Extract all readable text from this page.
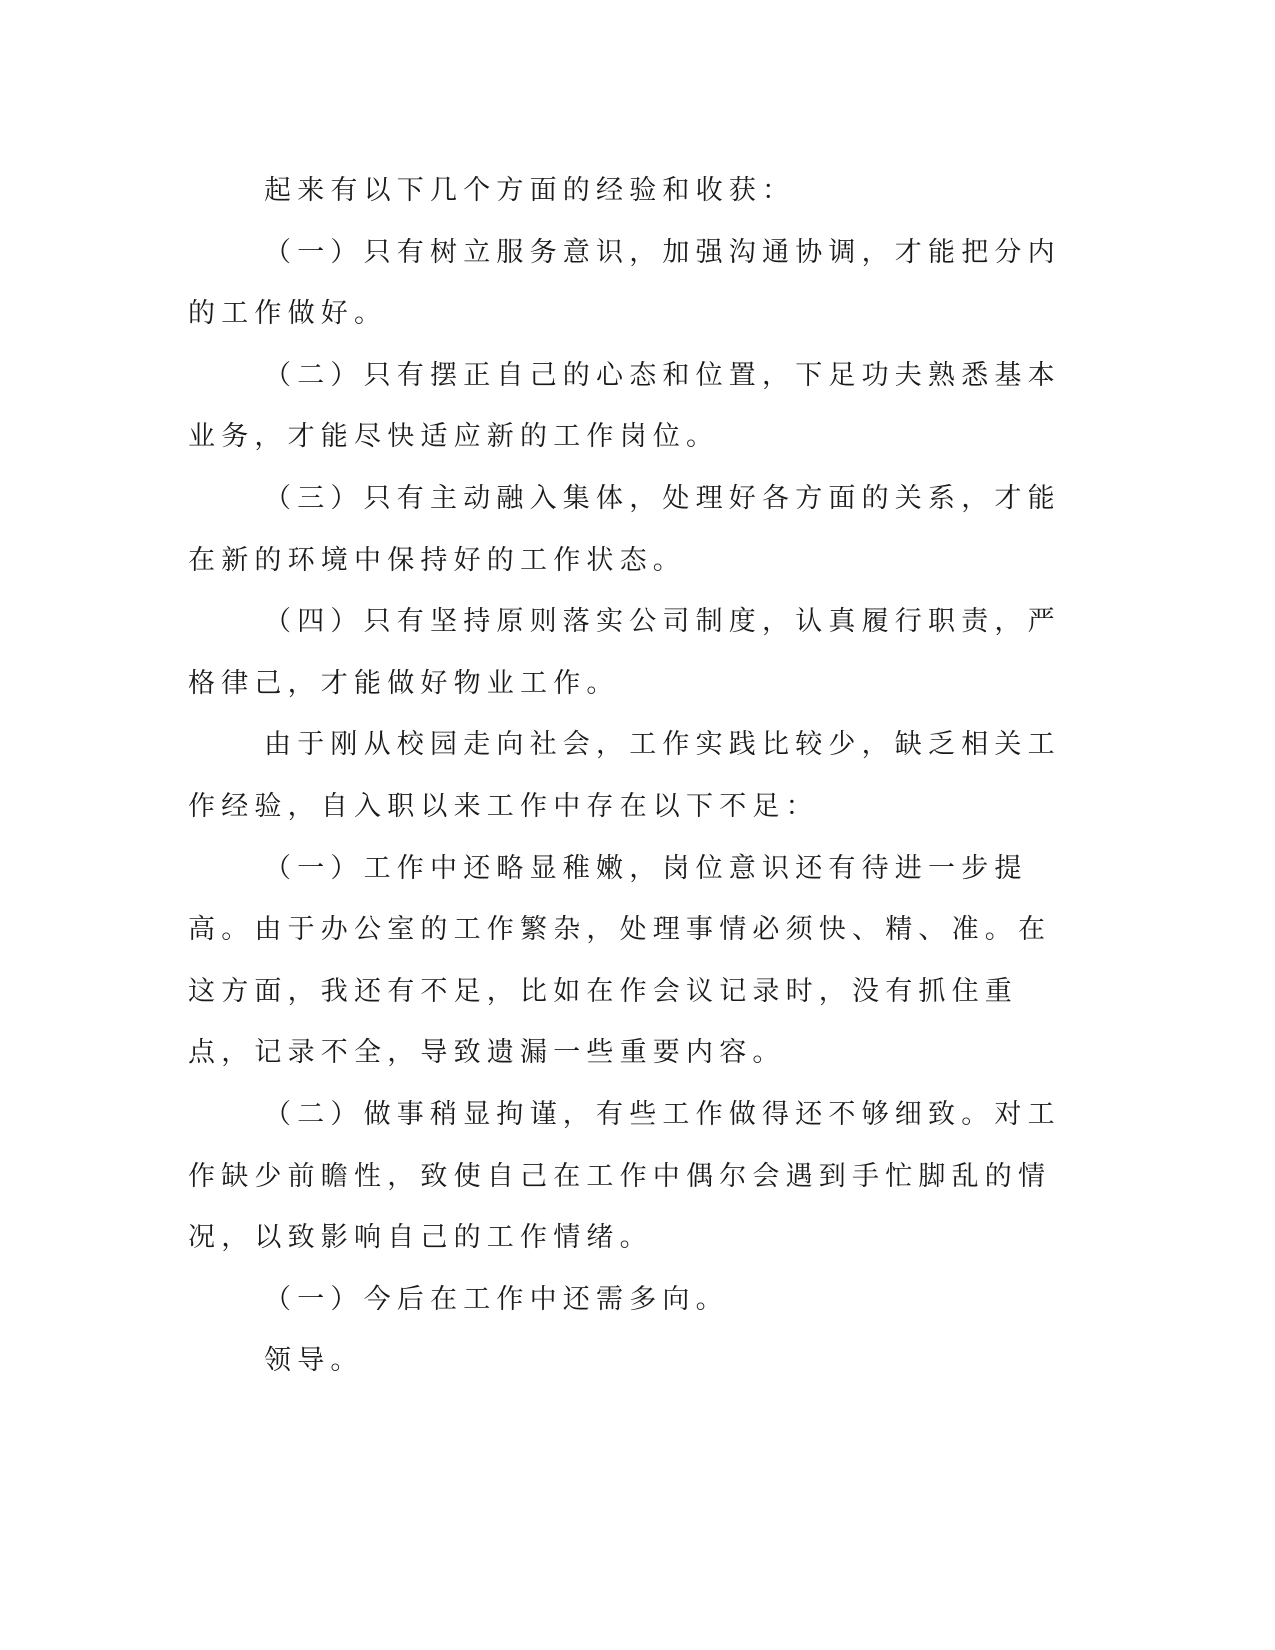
起来有以下几个方面的经验和收获：

（一）只有树立服务意识，加强沟通协调，才能把分内的工作做好。

（二）只有摆正自己的心态和位置，下足功夫熟悉基本业务，才能尽快适应新的工作岗位。

（三）只有主动融入集体，处理好各方面的关系，才能在新的环境中保持好的工作状态。

（四）只有坚持原则落实公司制度，认真履行职责，严格律己，才能做好物业工作。

由于刚从校园走向社会，工作实践比较少，缺乏相关工作经验，自入职以来工作中存在以下不足：

（一）工作中还略显稚嫩，岗位意识还有待进一步提高。由于办公室的工作繁杂，处理事情必须快、精、准。在这方面，我还有不足，比如在作会议记录时，没有抓住重点，记录不全，导致遗漏一些重要内容。

（二）做事稍显拘谨，有些工作做得还不够细致。对工作缺少前瞻性，致使自己在工作中偶尔会遇到手忙脚乱的情况，以致影响自己的工作情绪。

（一）今后在工作中还需多向。

领导。
